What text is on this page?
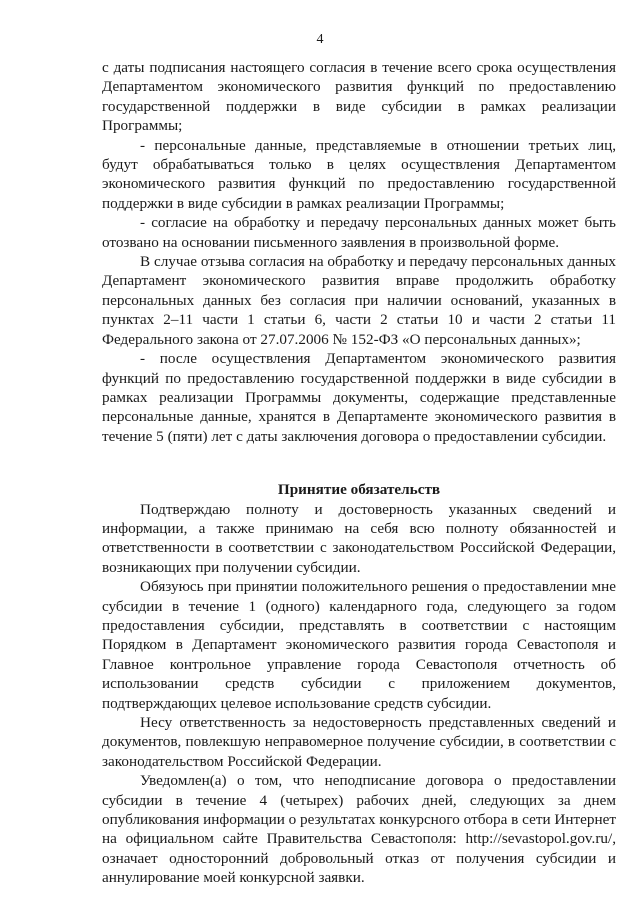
4

с даты подписания настоящего согласия в течение всего срока осуществления Департаментом экономического развития функций по предоставлению государственной поддержки в виде субсидии в рамках реализации Программы;

- персональные данные, представляемые в отношении третьих лиц, будут обрабатываться только в целях осуществления Департаментом экономического развития функций по предоставлению государственной поддержки в виде субсидии в рамках реализации Программы;

- согласие на обработку и передачу персональных данных может быть отозвано на основании письменного заявления в произвольной форме.

В случае отзыва согласия на обработку и передачу персональных данных Департамент экономического развития вправе продолжить обработку персональных данных без согласия при наличии оснований, указанных в пунктах 2–11 части 1 статьи 6, части 2 статьи 10 и части 2 статьи 11 Федерального закона от 27.07.2006 № 152-ФЗ «О персональных данных»;

- после осуществления Департаментом экономического развития функций по предоставлению государственной поддержки в виде субсидии в рамках реализации Программы документы, содержащие представленные персональные данные, хранятся в Департаменте экономического развития в течение 5 (пяти) лет с даты заключения договора о предоставлении субсидии.

Принятие обязательств

Подтверждаю полноту и достоверность указанных сведений и информации, а также принимаю на себя всю полноту обязанностей и ответственности в соответствии с законодательством Российской Федерации, возникающих при получении субсидии.

Обязуюсь при принятии положительного решения о предоставлении мне субсидии в течение 1 (одного) календарного года, следующего за годом предоставления субсидии, представлять в соответствии с настоящим Порядком в Департамент экономического развития города Севастополя и Главное контрольное управление города Севастополя отчетность об использовании средств субсидии с приложением документов, подтверждающих целевое использование средств субсидии.

Несу ответственность за недостоверность представленных сведений и документов, повлекшую неправомерное получение субсидии, в соответствии с законодательством Российской Федерации.

Уведомлен(а) о том, что неподписание договора о предоставлении субсидии в течение 4 (четырех) рабочих дней, следующих за днем опубликования информации о результатах конкурсного отбора в сети Интернет на официальном сайте Правительства Севастополя: http://sevastopol.gov.ru/, означает односторонний добровольный отказ от получения субсидии и аннулирование моей конкурсной заявки.
